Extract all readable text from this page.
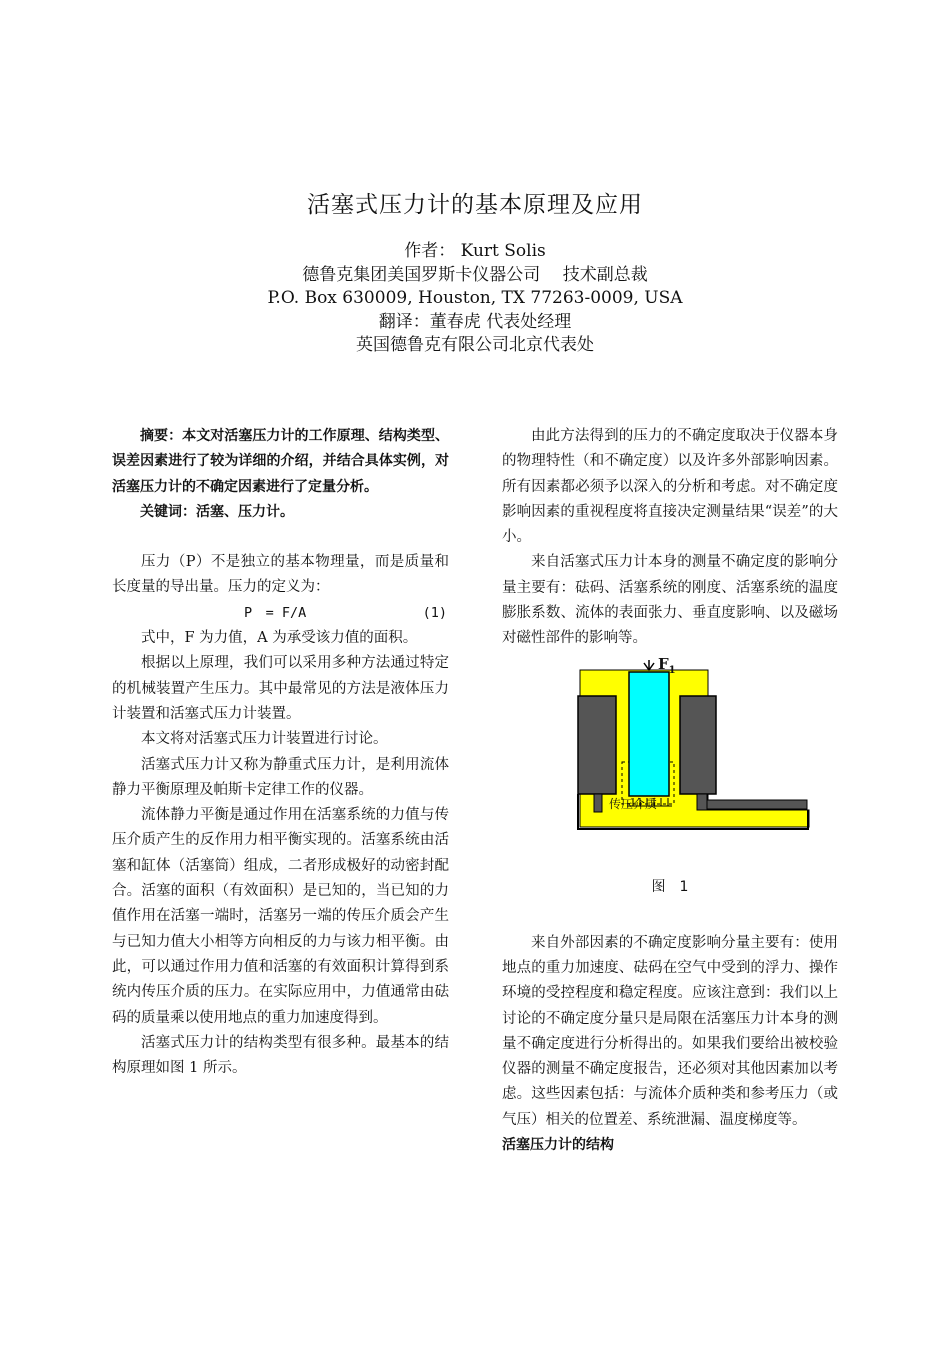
活塞式压力计的基本原理及应用
作者： Kurt Solis
德鲁克集团美国罗斯卡仪器公司　 技术副总裁
P.O. Box 630009, Houston, TX 77263-0009, USA
翻译：董春虎 代表处经理
英国德鲁克有限公司北京代表处

摘要：本文对活塞压力计的工作原理、结构类型、误差因素进行了较为详细的介绍，并结合具体实例，对活塞压力计的不确定因素进行了定量分析。

关键词：活塞、压力计。

压力（P）不是独立的基本物理量，而是质量和长度量的导出量。压力的定义为：

P　= F/A	(1)

式中，F 为力值，A 为承受该力值的面积。

根据以上原理，我们可以采用多种方法通过特定的机械装置产生压力。其中最常见的方法是液体压力计装置和活塞式压力计装置。

本文将对活塞式压力计装置进行讨论。

活塞式压力计又称为静重式压力计，是利用流体静力平衡原理及帕斯卡定律工作的仪器。

流体静力平衡是通过作用在活塞系统的力值与传压介质产生的反作用力相平衡实现的。活塞系统由活塞和缸体（活塞筒）组成，二者形成极好的动密封配合。活塞的面积（有效面积）是已知的，当已知的力值作用在活塞一端时，活塞另一端的传压介质会产生与已知力值大小相等方向相反的力与该力相平衡。由此，可以通过作用力值和活塞的有效面积计算得到系统内传压介质的压力。在实际应用中，力值通常由砝码的质量乘以使用地点的重力加速度得到。

活塞式压力计的结构类型有很多种。最基本的结构原理如图 1 所示。

由此方法得到的压力的不确定度取决于仪器本身的物理特性（和不确定度）以及许多外部影响因素。 所有因素都必须予以深入的分析和考虑。对不确定度影响因素的重视程度将直接决定测量结果“误差”的大小。

来自活塞式压力计本身的测量不确定度的影响分量主要有：砝码、活塞系统的刚度、活塞系统的温度膨胀系数、流体的表面张力、垂直度影响、以及磁场对磁性部件的影响等。

$F_1$
传压介质
图　1

来自外部因素的不确定度影响分量主要有：使用地点的重力加速度、砝码在空气中受到的浮力、操作环境的受控程度和稳定程度。应该注意到：我们以上讨论的不确定度分量只是局限在活塞压力计本身的测量不确定度进行分析得出的。如果我们要给出被校验仪器的测量不确定度报告，还必须对其他因素加以考虑。这些因素包括：与流体介质种类和参考压力（或气压）相关的位置差、系统泄漏、温度梯度等。

活塞压力计的结构
